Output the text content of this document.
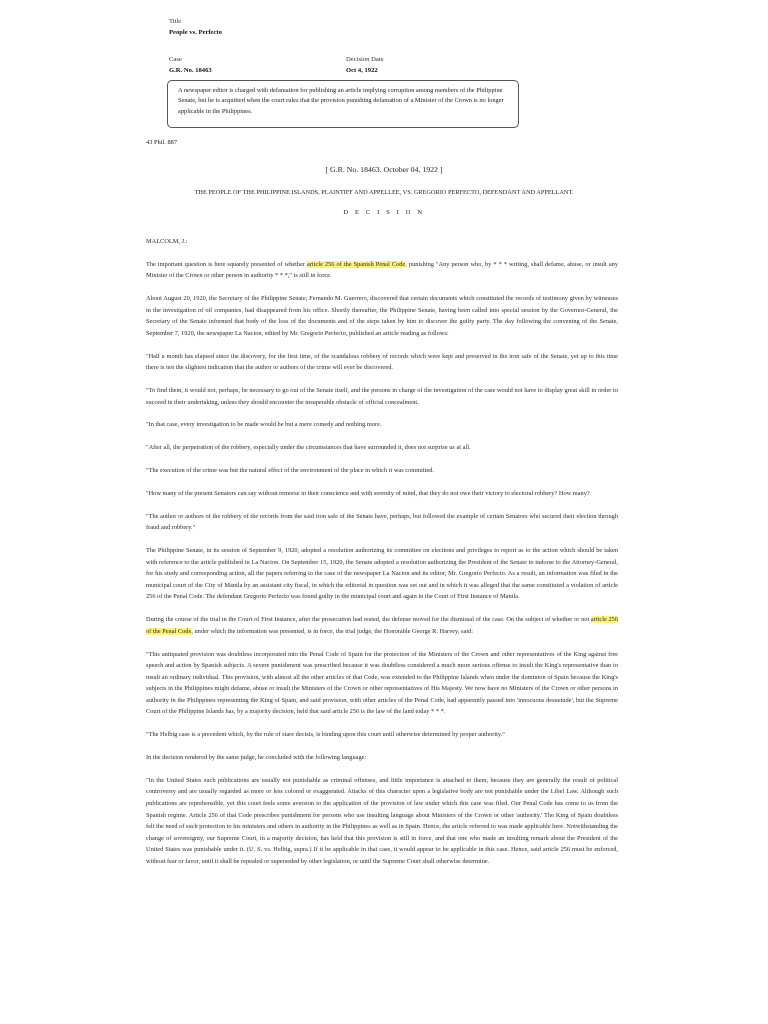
Title
People vs. Perfecto
Case
G.R. No. 18463
Decision Date
Oct 4, 1922
A newspaper editor is charged with defamation for publishing an article implying corruption among members of the Philippine Senate, but he is acquitted when the court rules that the provision punishing defamation of a Minister of the Crown is no longer applicable in the Philippines.
43 Phil. 887
[ G.R. No. 18463. October 04, 1922 ]
THE PEOPLE OF THE PHILIPPINE ISLANDS, PLAINTIFF AND APPELLEE, VS. GREGORIO PERFECTO, DEFENDANT AND APPELLANT.
D E C I S I O N

MALCOLM, J.:

The important question is here squarely presented of whether article 256 of the Spanish Penal Code, punishing "Any person who, by * * * writing, shall defame, abuse, or insult any Minister of the Crown or other person in authority * * *," is still in force.

About August 20, 1920, the Secretary of the Philippine Senate, Fernando M. Guerrero, discovered that certain documents which constituted the records of testimony given by witnesses in the investigation of oil companies, had disappeared from his office. Shortly thereafter, the Philippine Senate, having been called into special session by the Governor-General, the Secretary of the Senate informed that body of the loss of the documents and of the steps taken by him to discover the guilty party. The day following the convening of the Senate, September 7, 1920, the newspaper La Nacion, edited by Mr. Gregorio Perfecto, published an article reading as follows:

"Half a month has elapsed since the discovery, for the first time, of the scandalous robbery of records which were kept and preserved in the iron safe of the Senate, yet up to this time there is not the slightest indication that the author or authors of the crime will ever be discovered.

"To find them, it would not, perhaps, be necessary to go out of the Senate itself, and the persons in charge of the investigation of the case would not have to display great skill in order to succeed in their undertaking, unless they should encounter the insuperable obstacle of official concealment.

"In that case, every investigation to be made would be but a mere comedy and nothing more.

"After all, the perpetration of the robbery, especially under the circumstances that have surrounded it, does not surprise us at all.

"The execution of the crime was but the natural effect of the environment of the place in which it was committed.

"How many of the present Senators can say without remorse in their conscience and with serenity of mind, that they do not owe their victory to electoral robbery? How many?

"The author or authors of the robbery of the records from the said iron safe of the Senate have, perhaps, but followed the example of certain Senators who secured their election through fraud and robbery."

The Philippine Senate, in its session of September 9, 1920, adopted a resolution authorizing its committee on elections and privileges to report as to the action which should be taken with reference to the article published in La Nacion. On September 15, 1920, the Senate adopted a resolution authorizing the President of the Senate to indorse to the Attorney-General, for his study and corresponding action, all the papers referring to the case of the newspaper La Nacion and its editor, Mr. Gregorio Perfecto. As a result, an information was filed in the municipal court of the City of Manila by an assistant city fiscal, in which the editorial in question was set out and in which it was alleged that the same constituted a violation of article 256 of the Penal Code. The defendant Gregorio Perfecto was found guilty in the municipal court and again in the Court of First Instance of Manila.

During the course of the trial in the Court of First Instance, after the prosecution had rested, the defense moved for the dismissal of the case. On the subject of whether or not article 256 of the Penal Code, under which the information was presented, is in force, the trial judge, the Honorable George R. Harvey, said:

"This antiquated provision was doubtless incorporated into the Penal Code of Spain for the protection of the Ministers of the Crown and other representatives of the King against free speech and action by Spanish subjects. A severe punishment was prescribed because it was doubtless considered a much more serious offense to insult the King's representative than to insult an ordinary individual. This provision, with almost all the other articles of that Code, was extended to the Philippine Islands when under the dominion of Spain because the King's subjects in the Philippines might defame, abuse or insult the Ministers of the Crown or other representatives of His Majesty. We now have no Ministers of the Crown or other persons in authority in the Philippines representing the King of Spain, and said provision, with other articles of the Penal Code, had apparently passed into 'innocuous desuetude', but the Supreme Court of the Philippine Islands has, by a majority decision, held that said article 256 is the law of the land today * * *.

"The Helbig case is a precedent which, by the rule of stare decisis, is binding upon this court until otherwise determined by proper authority."

In the decision rendered by the same judge, he concluded with the following language:

"In the United States such publications are usually not punishable as criminal offenses, and little importance is attached to them, because they are generally the result of political controversy and are usually regarded as more or less colored or exaggerated. Attacks of this character upon a legislative body are not punishable under the Libel Law. Although such publications are reprehensible, yet this court feels some aversion to the application of the provision of law under which this case was filed. Our Penal Code has come to us from the Spanish regime. Article 256 of that Code prescribes punishment for persons who use insulting language about Ministers of the Crown or other 'authority.' The King of Spain doubtless felt the need of such protection to his ministers and others in authority in the Philippines as well as in Spain. Hence, the article referred to was made applicable here. Notwithstanding the change of sovereignty, our Supreme Court, in a majority decision, has held that this provision is still in force, and that one who made an insulting remark about the President of the United States was punishable under it. (U. S. vs. Helbig, supra.) If it be applicable in that case, it would appear to be applicable in this case. Hence, said article 256 must be enforced, without fear or favor, until it shall be repealed or superseded by other legislation, or until the Supreme Court shall otherwise determine.
